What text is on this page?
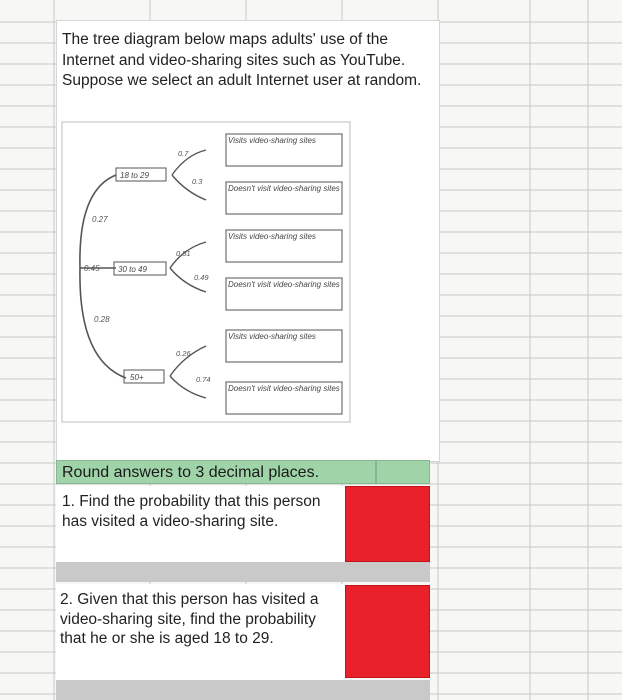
The tree diagram below maps adults' use of the Internet and video-sharing sites such as YouTube. Suppose we select an adult Internet user at random.
0.27
0.45
0.28
18 to 29
30 to 49
50+
0.7
0.3
0.51
0.49
0.26
0.74
Visits video-sharing sites
Doesn't visit video-sharing sites
Visits video-sharing sites
Doesn't visit video-sharing sites
Visits video-sharing sites
Doesn't visit video-sharing sites
Round answers to 3 decimal places.
1. Find the probability that this person has visited a video-sharing site.
2. Given that this person has visited a video-sharing site, find the probability that he or she is aged 18 to 29.
